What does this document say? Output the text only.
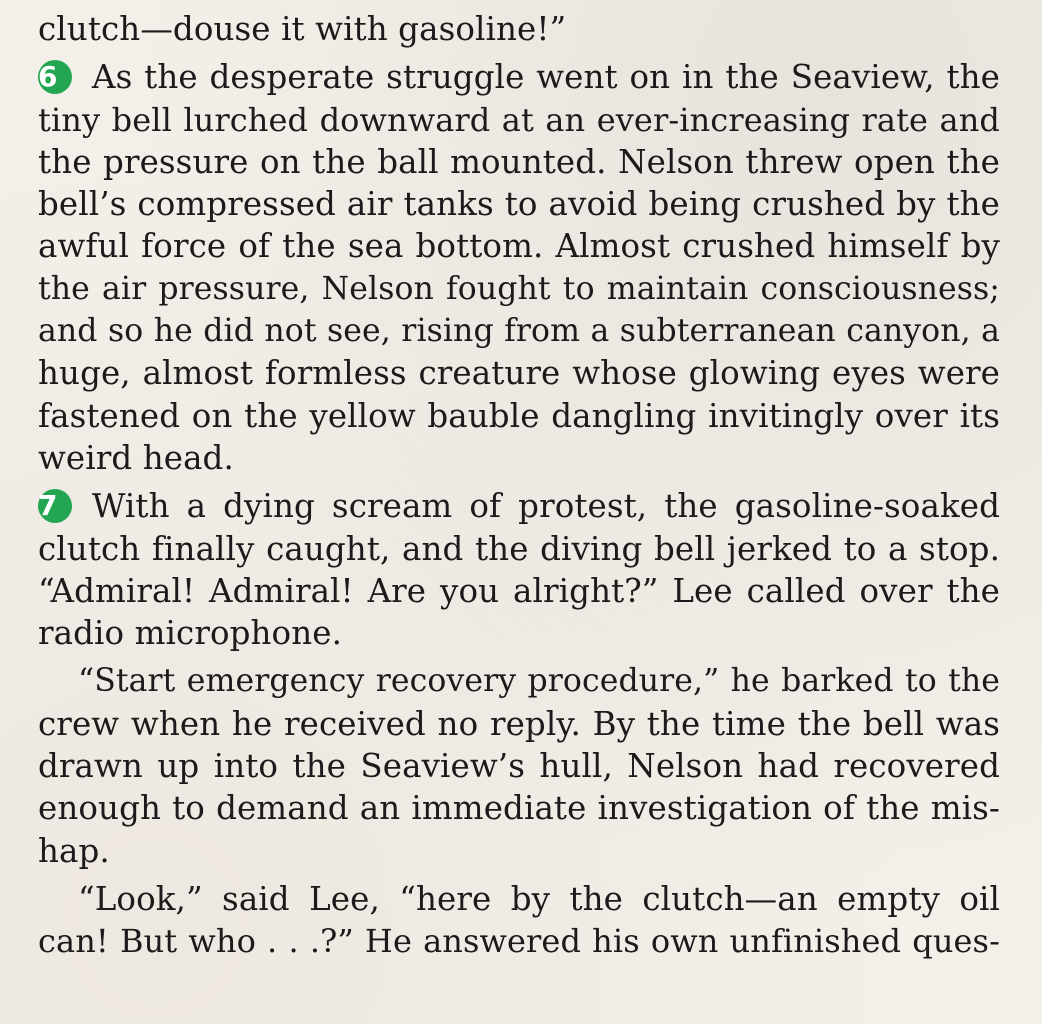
clutch—douse it with gasoline!”
6 As the desperate struggle went on in the Seaview, the
tiny bell lurched downward at an ever-increasing rate and
the pressure on the ball mounted. Nelson threw open the
bell’s compressed air tanks to avoid being crushed by the
awful force of the sea bottom. Almost crushed himself by
the air pressure, Nelson fought to maintain consciousness;
and so he did not see, rising from a subterranean canyon, a
huge, almost formless creature whose glowing eyes were
fastened on the yellow bauble dangling invitingly over its
weird head.
7 With a dying scream of protest, the gasoline-soaked
clutch finally caught, and the diving bell jerked to a stop.
“Admiral! Admiral! Are you alright?” Lee called over the
radio microphone.
“Start emergency recovery procedure,” he barked to the
crew when he received no reply. By the time the bell was
drawn up into the Seaview’s hull, Nelson had recovered
enough to demand an immediate investigation of the mis-
hap.
“Look,” said Lee, “here by the clutch—an empty oil
can! But who . . .?” He answered his own unfinished ques-
